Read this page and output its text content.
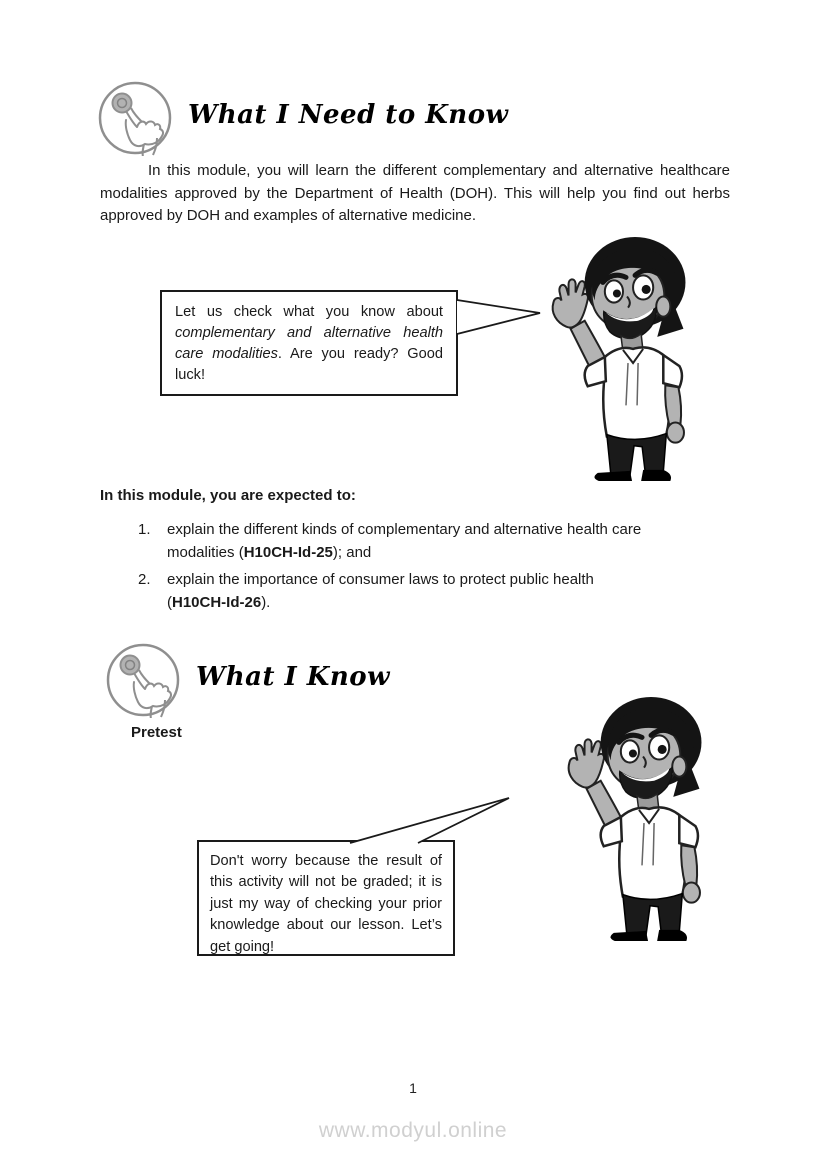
What I Need to Know
In this module, you will learn the different complementary and alternative healthcare modalities approved by the Department of Health (DOH). This will help you find out herbs approved by DOH and examples of alternative medicine.
Let us check what you know about complementary and alternative health care modalities. Are you ready? Good luck!
In this module, you are expected to:
1.	explain the different kinds of complementary and alternative health care
modalities (H10CH-Id-25); and
2.	explain the importance of consumer laws to protect public health
(H10CH-Id-26).
What I Know
Pretest
Don't worry because the result of this activity will not be graded; it is just my way of checking your prior knowledge about our lesson. Let’s get going!
1
www.modyul.online
